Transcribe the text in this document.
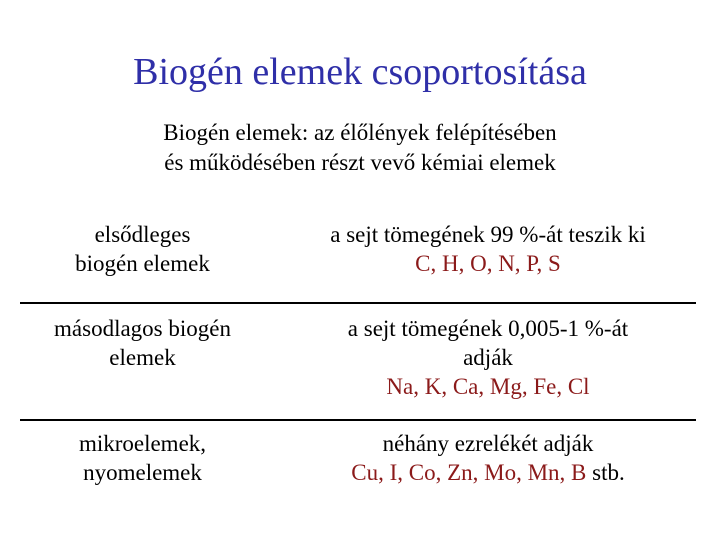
Biogén elemek csoportosítása
Biogén elemek: az élőlények felépítésében
és működésében részt vevő kémiai elemek
elsődleges
biogén elemek
a sejt tömegének 99 %-át teszik ki
C, H, O, N, P, S
másodlagos biogén
elemek
a sejt tömegének 0,005-1 %-át
adják
Na, K, Ca, Mg, Fe, Cl
mikroelemek,
nyomelemek
néhány ezrelékét adják
Cu, I, Co, Zn, Mo, Mn, B stb.
